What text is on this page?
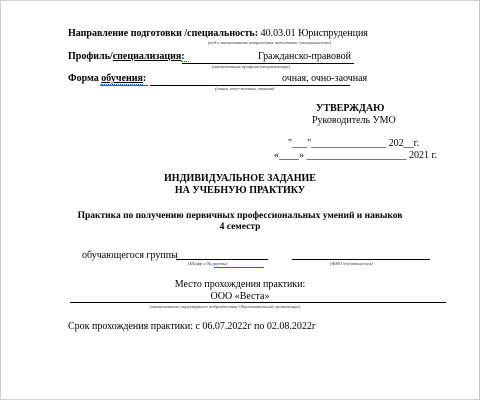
Направление подготовки /специальность: 40.03.01 Юриспруденция
(код и наименование направления подготовки /специальности)
Профиль/специализация:	Гражданско-правовой
(наименование профиля/специализации)
Форма обучения:	очная, очно-заочная
(очная, очно-заочная, заочная)
УТВЕРЖДАЮ
Руководитель УМО
"___"_______________ 202__г.
«____» ____________________ 2021 г.
ИНДИВИДУАЛЬНОЕ ЗАДАНИЕ
НА УЧЕБНУЮ ПРАКТИКУ
Практика по получению первичных профессиональных умений и навыков
4 семестр
обучающегося группы
(Шифр и № группы)	(ФИО обучающегося)
Место прохождения практики:
ООО «Веста»
(наименование структурного подразделения Образовательной организации)
Срок прохождения практики: с 06.07.2022г по 02.08.2022г
